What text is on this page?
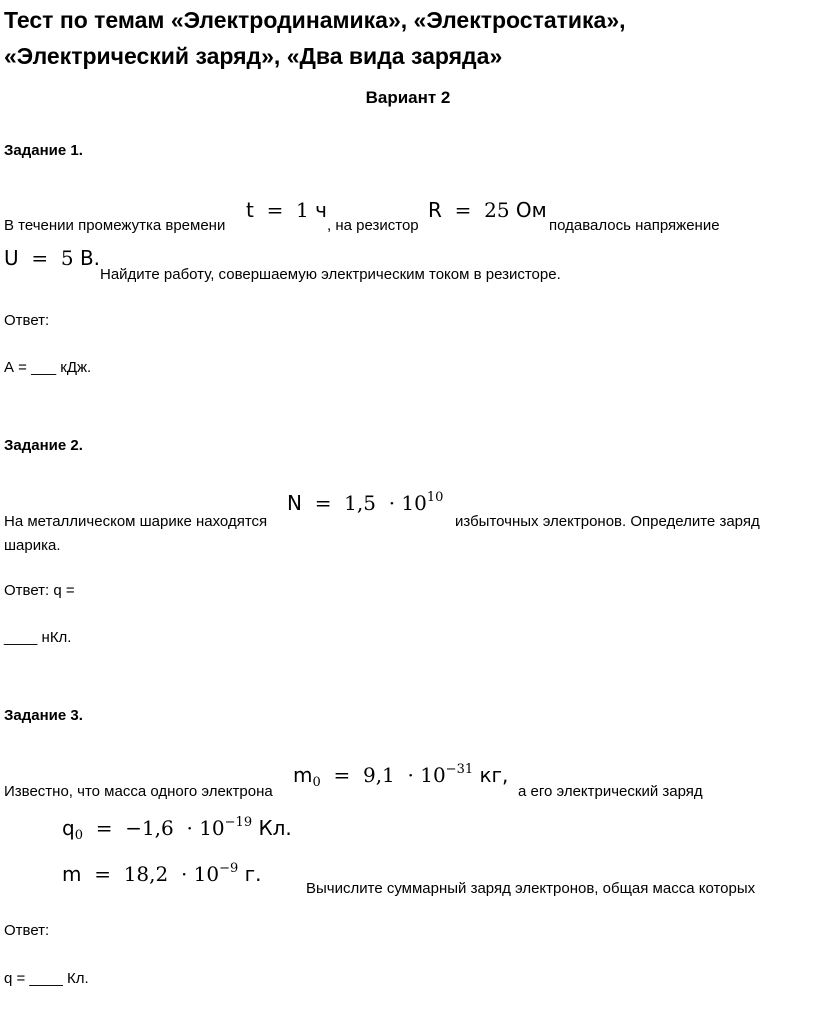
Тест по темам «Электродинамика», «Электростатика», «Электрический заряд», «Два вида заряда»
Вариант 2
Задание 1.
В течении промежутка времени
t = 1 ч
, на резистор
R = 25 Ом
подавалось напряжение
U = 5 В.
Найдите работу, совершаемую электрическим током в резисторе.
Ответ:
А = ___ кДж.
Задание 2.
На металлическом шарике находятся
$N = 1,5 \cdot 10^{10}$
избыточных электронов. Определите заряд
шарика.
Ответ: q =
____ нКл.
Задание 3.
Известно, что масса одного электрона
$m_0 = 9,1 \cdot 10^{-31}$ кг,
а его электрический заряд
$q_0 = -1,6 \cdot 10^{-19}$ Кл.
$m = 18,2 \cdot 10^{-9}$ г.
Вычислите суммарный заряд электронов, общая масса которых
Ответ:
q = ____ Кл.
